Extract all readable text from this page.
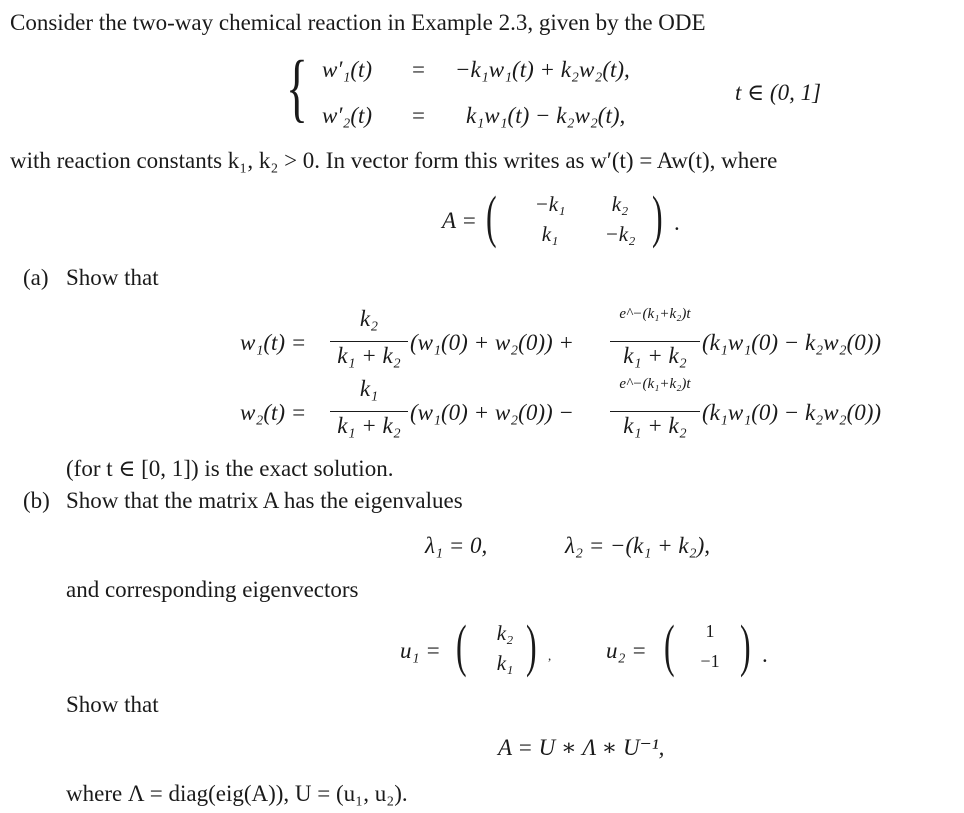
Consider the two-way chemical reaction in Example 2.3, given by the ODE
{ w′₁(t) = −k₁w₁(t) + k₂w₂(t),
w′₂(t) = k₁w₁(t) − k₂w₂(t),
t ∈ (0, 1]
with reaction constants k₁, k₂ > 0. In vector form this writes as w′(t) = Aw(t), where
A = (	−k₁	k₂
k₁	−k₂ ) .
(a) Show that
w₁(t) =
k₂
k₁ + k₂
(w₁(0) + w₂(0)) +
e^−(k₁+k₂)t
k₁ + k₂
(k₁w₁(0) − k₂w₂(0))
w₂(t) =
k₁
k₁ + k₂
(w₁(0) + w₂(0)) −
e^−(k₁+k₂)t
k₁ + k₂
(k₁w₁(0) − k₂w₂(0))
(for t ∈ [0, 1]) is the exact solution.
(b) Show that the matrix A has the eigenvalues
λ₁ = 0,	λ₂ = −(k₁ + k₂),
and corresponding eigenvectors
u₁ = (	k₂
k₁ ) , u₂ = (	1
−1 ) .
Show that
A = U ∗ Λ ∗ U⁻¹,
where Λ = diag(eig(A)), U = (u₁, u₂).
